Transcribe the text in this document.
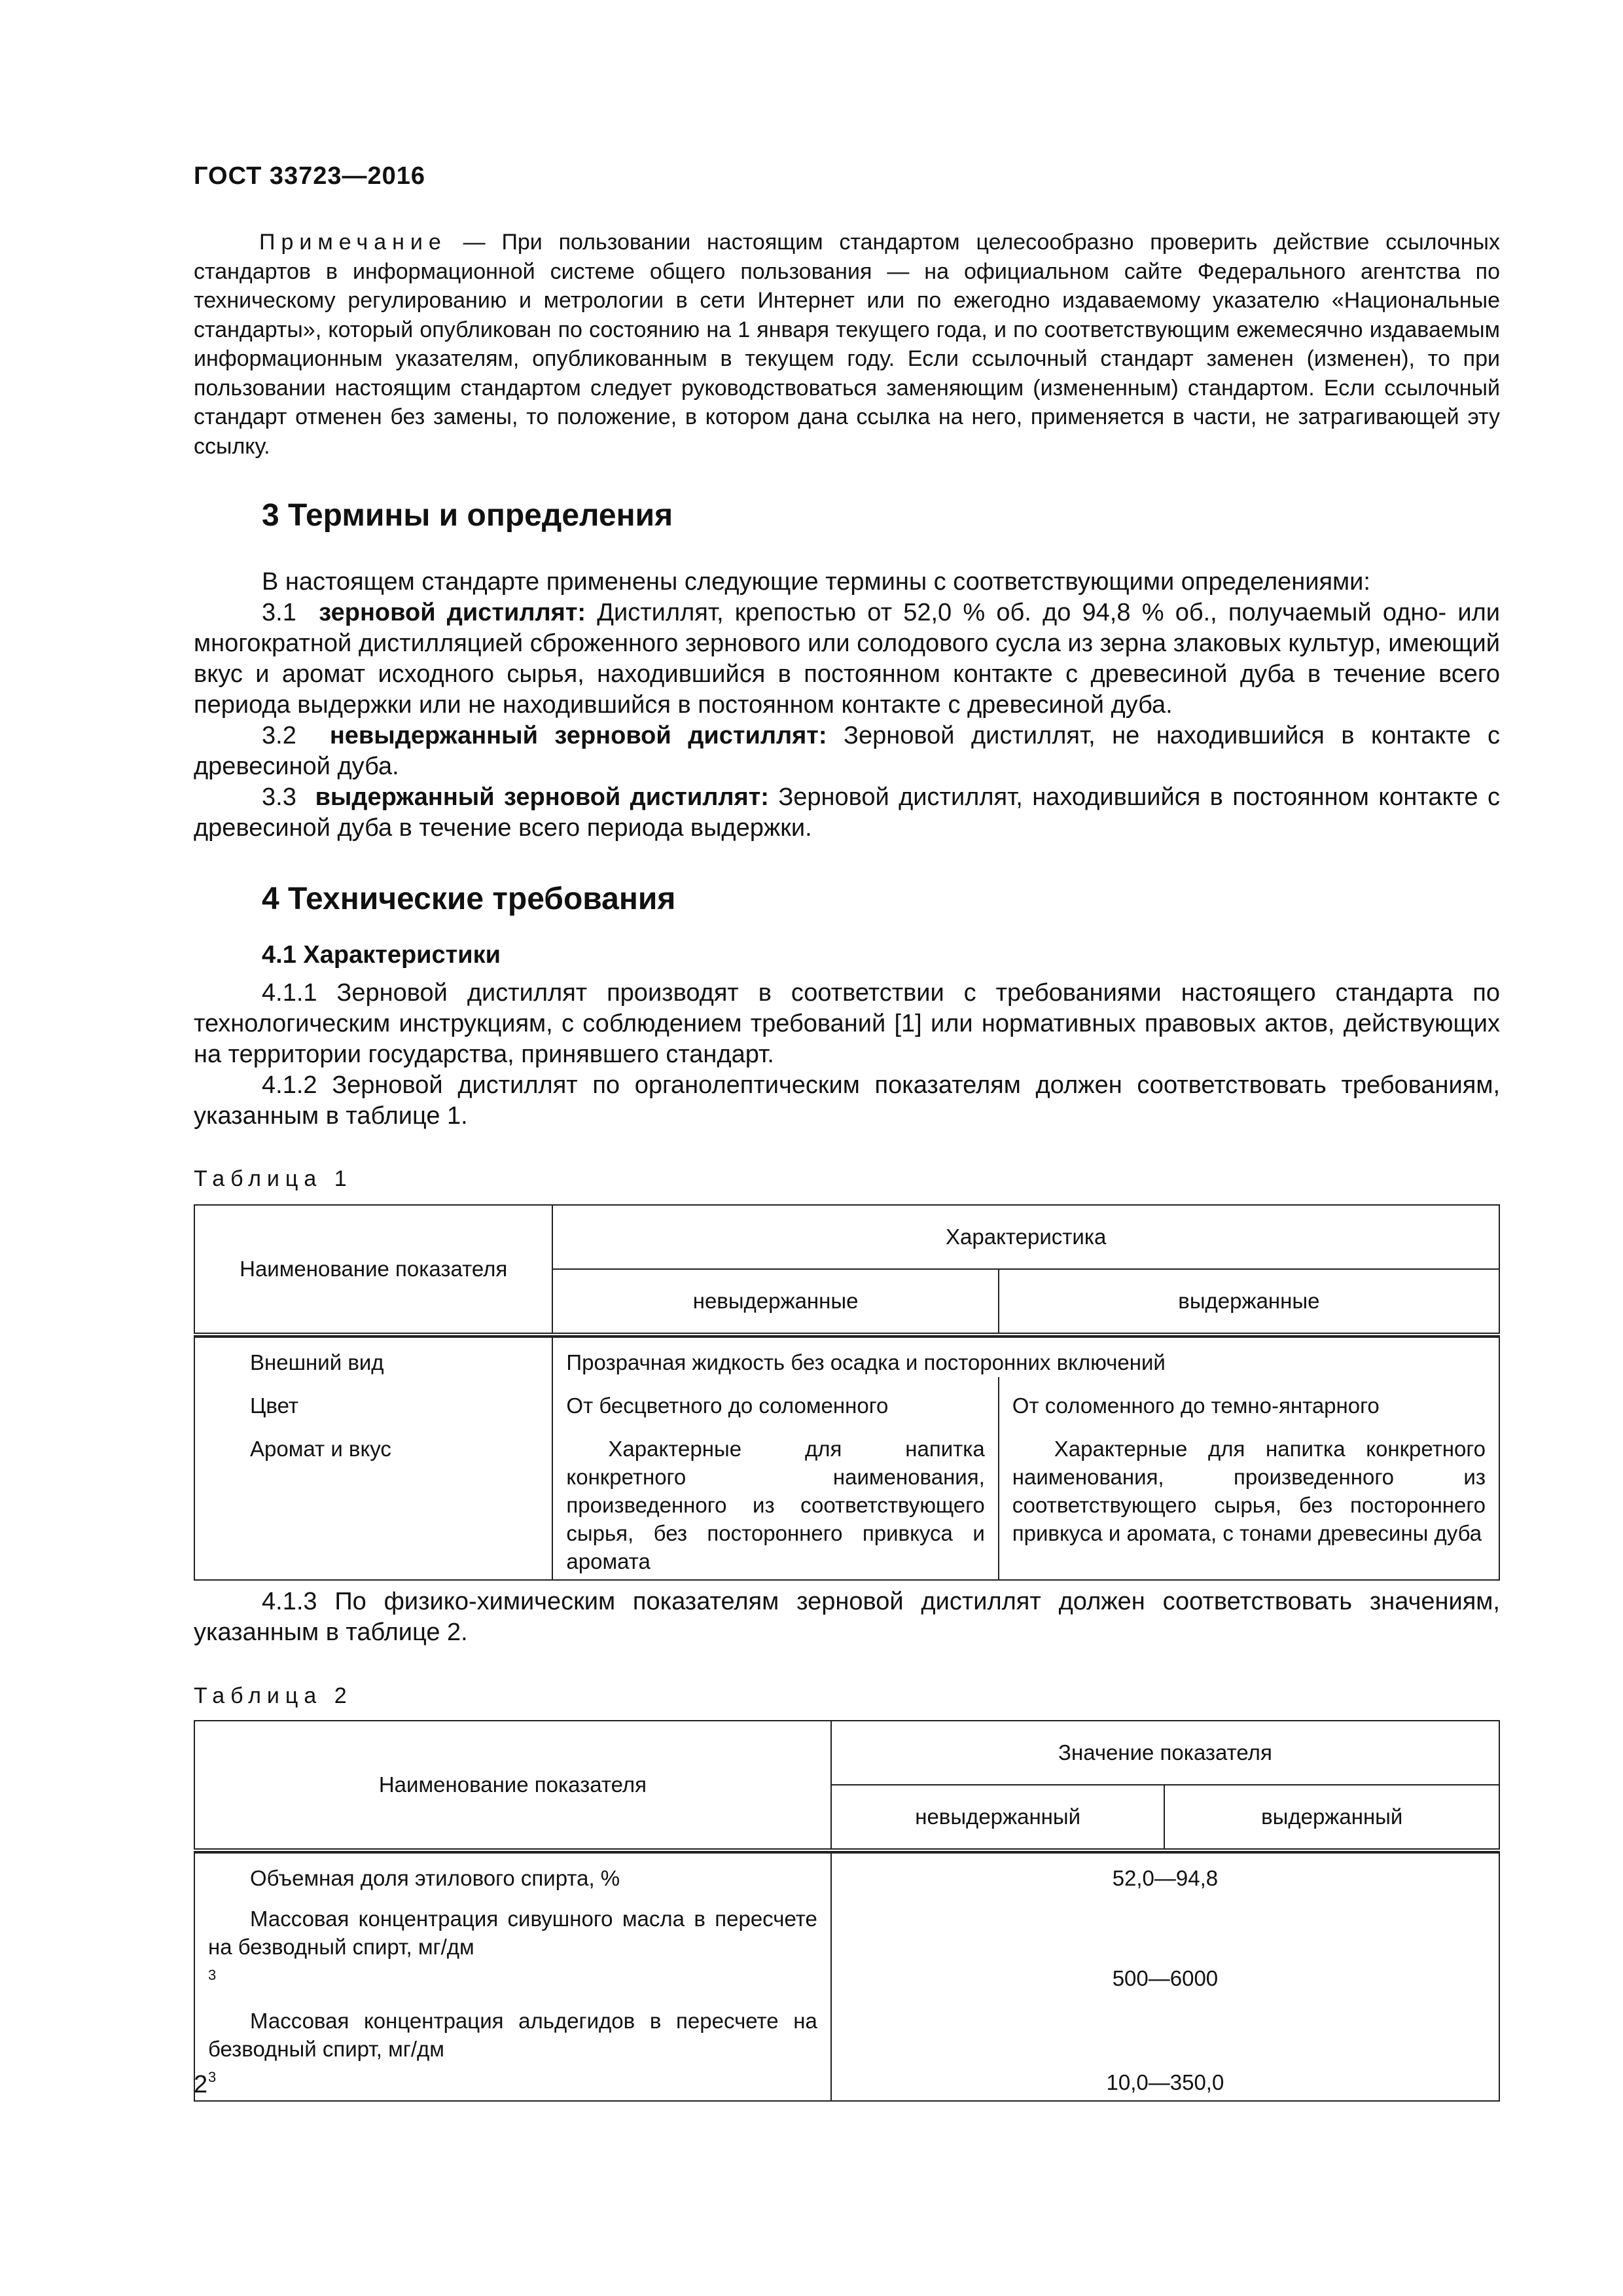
ГОСТ 33723—2016

Примечание — При пользовании настоящим стандартом целесообразно проверить действие ссылочных стандартов в информационной системе общего пользования — на официальном сайте Федерального агентства по техническому регулированию и метрологии в сети Интернет или по ежегодно издаваемому указателю «Национальные стандарты», который опубликован по состоянию на 1 января текущего года, и по соответствующим ежемесячно издаваемым информационным указателям, опубликованным в текущем году. Если ссылочный стандарт заменен (изменен), то при пользовании настоящим стандартом следует руководствоваться заменяющим (измененным) стандартом. Если ссылочный стандарт отменен без замены, то положение, в котором дана ссылка на него, применяется в части, не затрагивающей эту ссылку.

3 Термины и определения

В настоящем стандарте применены следующие термины с соответствующими определениями:

3.1 зерновой дистиллят: Дистиллят, крепостью от 52,0 % об. до 94,8 % об., получаемый одно- или многократной дистилляцией сброженного зернового или солодового сусла из зерна злаковых культур, имеющий вкус и аромат исходного сырья, находившийся в постоянном контакте с древесиной дуба в течение всего периода выдержки или не находившийся в постоянном контакте с древесиной дуба.

3.2 невыдержанный зерновой дистиллят: Зерновой дистиллят, не находившийся в контакте с древесиной дуба.

3.3 выдержанный зерновой дистиллят: Зерновой дистиллят, находившийся в постоянном контакте с древесиной дуба в течение всего периода выдержки.

4 Технические требования
4.1 Характеристики

4.1.1 Зерновой дистиллят производят в соответствии с требованиями настоящего стандарта по технологическим инструкциям, с соблюдением требований [1] или нормативных правовых актов, действующих на территории государства, принявшего стандарт.

4.1.2 Зерновой дистиллят по органолептическим показателям должен соответствовать требованиям, указанным в таблице 1.

Таблица 1
Наименование показателя	Характеристика	
	невыдержанные	выдержанные

Внешний вид	Прозрачная жидкость без осадка и посторонних включений	
Цвет	От бесцветного до соломенного	От соломенного до темно-янтарного
Аромат и вкус	Характерные для напитка конкретного наименования, произведенного из соответствующего сырья, без постороннего привкуса и аромата	Характерные для напитка конкретного наименования, произведенного из соответствующего сырья, без постороннего привкуса и аромата, с тонами древесины дуба

4.1.3 По физико-химическим показателям зерновой дистиллят должен соответствовать значениям, указанным в таблице 2.

Таблица 2
Наименование показателя	Значение показателя	
	невыдержанный	выдержанный

Объемная доля этилового спирта, %	52,0—94,8	

Массовая концентрация сивушного масла в пересчете на безводный спирт, мг/дм
$^3$	500—6000	

Массовая концентрация альдегидов в пересчете на безводный спирт, мг/дм
$^3$	10,0—350,0	
2
